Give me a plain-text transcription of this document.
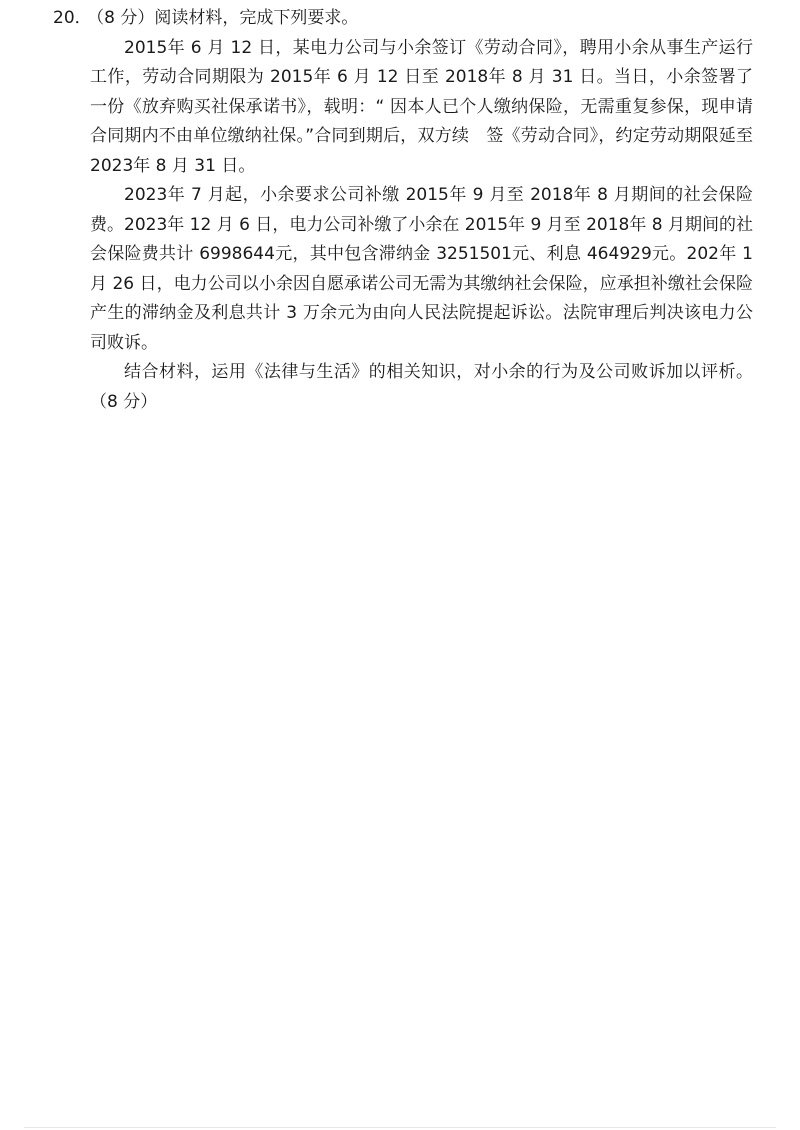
20． （8 分）阅读材料，完成下列要求。

2015年 6 月 12 日，某电力公司与小余签订《劳动合同》，聘用小余从事生产运行工作，劳动合同期限为 2015年 6 月 12 日至 2018年 8 月 31 日。当日，小余签署了一份《放弃购买社保承诺书》，载明：“ 因本人已个人缴纳保险，无需重复参保，现申请合同期内不由单位缴纳社保。”合同到期后，双方续　签《劳动合同》，约定劳动期限延至 2023年 8 月 31 日。

2023年 7 月起，小余要求公司补缴 2015年 9 月至 2018年 8 月期间的社会保险费。2023年 12 月 6 日，电力公司补缴了小余在 2015年 9 月至 2018年 8 月期间的社会保险费共计 6998644元，其中包含滞纳金 3251501元、利息 464929元。202年 1 月 26 日，电力公司以小余因自愿承诺公司无需为其缴纳社会保险，应承担补缴社会保险产生的滞纳金及利息共计 3 万余元为由向人民法院提起诉讼。法院审理后判决该电力公司败诉。

结合材料，运用《法律与生活》的相关知识，对小余的行为及公司败诉加以评析。（8 分）
